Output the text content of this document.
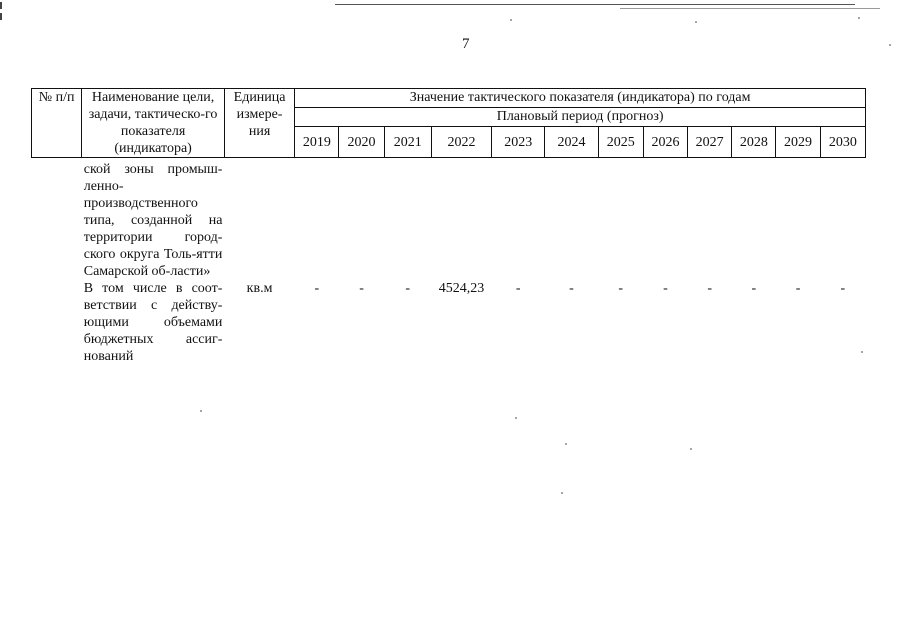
7
№ п/п	Наименование цели, задачи, тактическо-го показателя (индикатора)	Единица измере-ния	Значение тактического показателя (индикатора) по годам											
			Плановый период (прогноз)											
			2019	2020	2021	2022	2023	2024	2025	2026	2027	2028	2029	2030
	ской зоны промыш-ленно-производственного типа, созданной на территории город-ского округа Толь-ятти Самарской об-ласти»													
	В том числе в соот-ветствии с действу-ющими объемами бюджетных ассиг-нований	кв.м	-	-	-	4524,23	-	-	-	-	-	-	-	-
